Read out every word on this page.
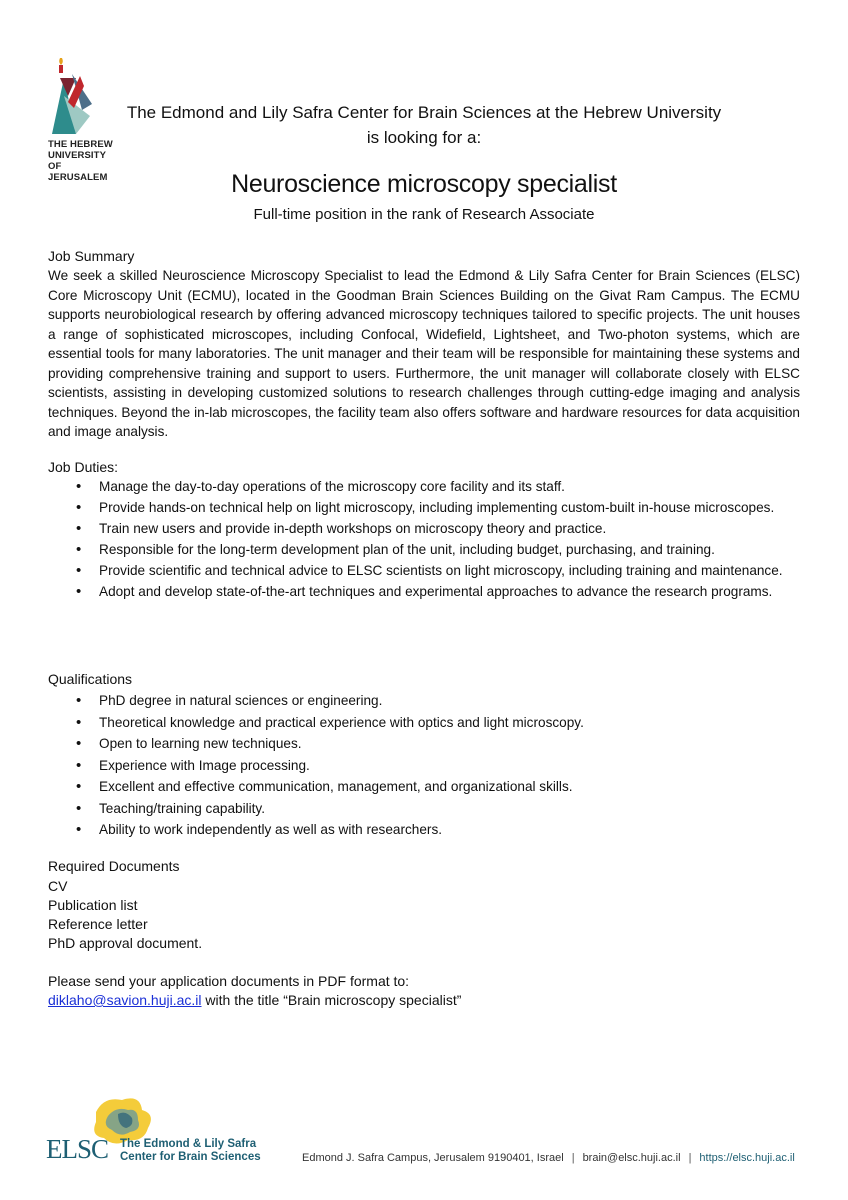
THE HEBREW
UNIVERSITY
OF JERUSALEM
The Edmond and Lily Safra Center for Brain Sciences at the Hebrew University
is looking for a:
Neuroscience microscopy specialist
Full-time position in the rank of Research Associate
Job Summary
We seek a skilled Neuroscience Microscopy Specialist to lead the Edmond & Lily Safra Center for Brain Sciences (ELSC) Core Microscopy Unit (ECMU), located in the Goodman Brain Sciences Building on the Givat Ram Campus. The ECMU supports neurobiological research by offering advanced microscopy techniques tailored to specific projects. The unit houses a range of sophisticated microscopes, including Confocal, Widefield, Lightsheet, and Two-photon systems, which are essential tools for many laboratories. The unit manager and their team will be responsible for maintaining these systems and providing comprehensive training and support to users. Furthermore, the unit manager will collaborate closely with ELSC scientists, assisting in developing customized solutions to research challenges through cutting-edge imaging and analysis techniques. Beyond the in-lab microscopes, the facility team also offers software and hardware resources for data acquisition and image analysis.
Job Duties:
• Manage the day-to-day operations of the microscopy core facility and its staff.
• Provide hands-on technical help on light microscopy, including implementing custom-built in-house microscopes.
• Train new users and provide in-depth workshops on microscopy theory and practice.
• Responsible for the long-term development plan of the unit, including budget, purchasing, and training.
• Provide scientific and technical advice to ELSC scientists on light microscopy, including training and maintenance.
• Adopt and develop state-of-the-art techniques and experimental approaches to advance the research programs.
Qualifications
• PhD degree in natural sciences or engineering.
• Theoretical knowledge and practical experience with optics and light microscopy.
• Open to learning new techniques.
• Experience with Image processing.
• Excellent and effective communication, management, and organizational skills.
• Teaching/training capability.
• Ability to work independently as well as with researchers.
Required Documents
CV
Publication list
Reference letter
PhD approval document.
Please send your application documents in PDF format to:
diklaho@savion.huji.ac.il with the title “Brain microscopy specialist”
ELSC The Edmond & Lily Safra
Center for Brain Sciences	Edmond J. Safra Campus, Jerusalem 9190401, Israel | brain@elsc.huji.ac.il | https://elsc.huji.ac.il
